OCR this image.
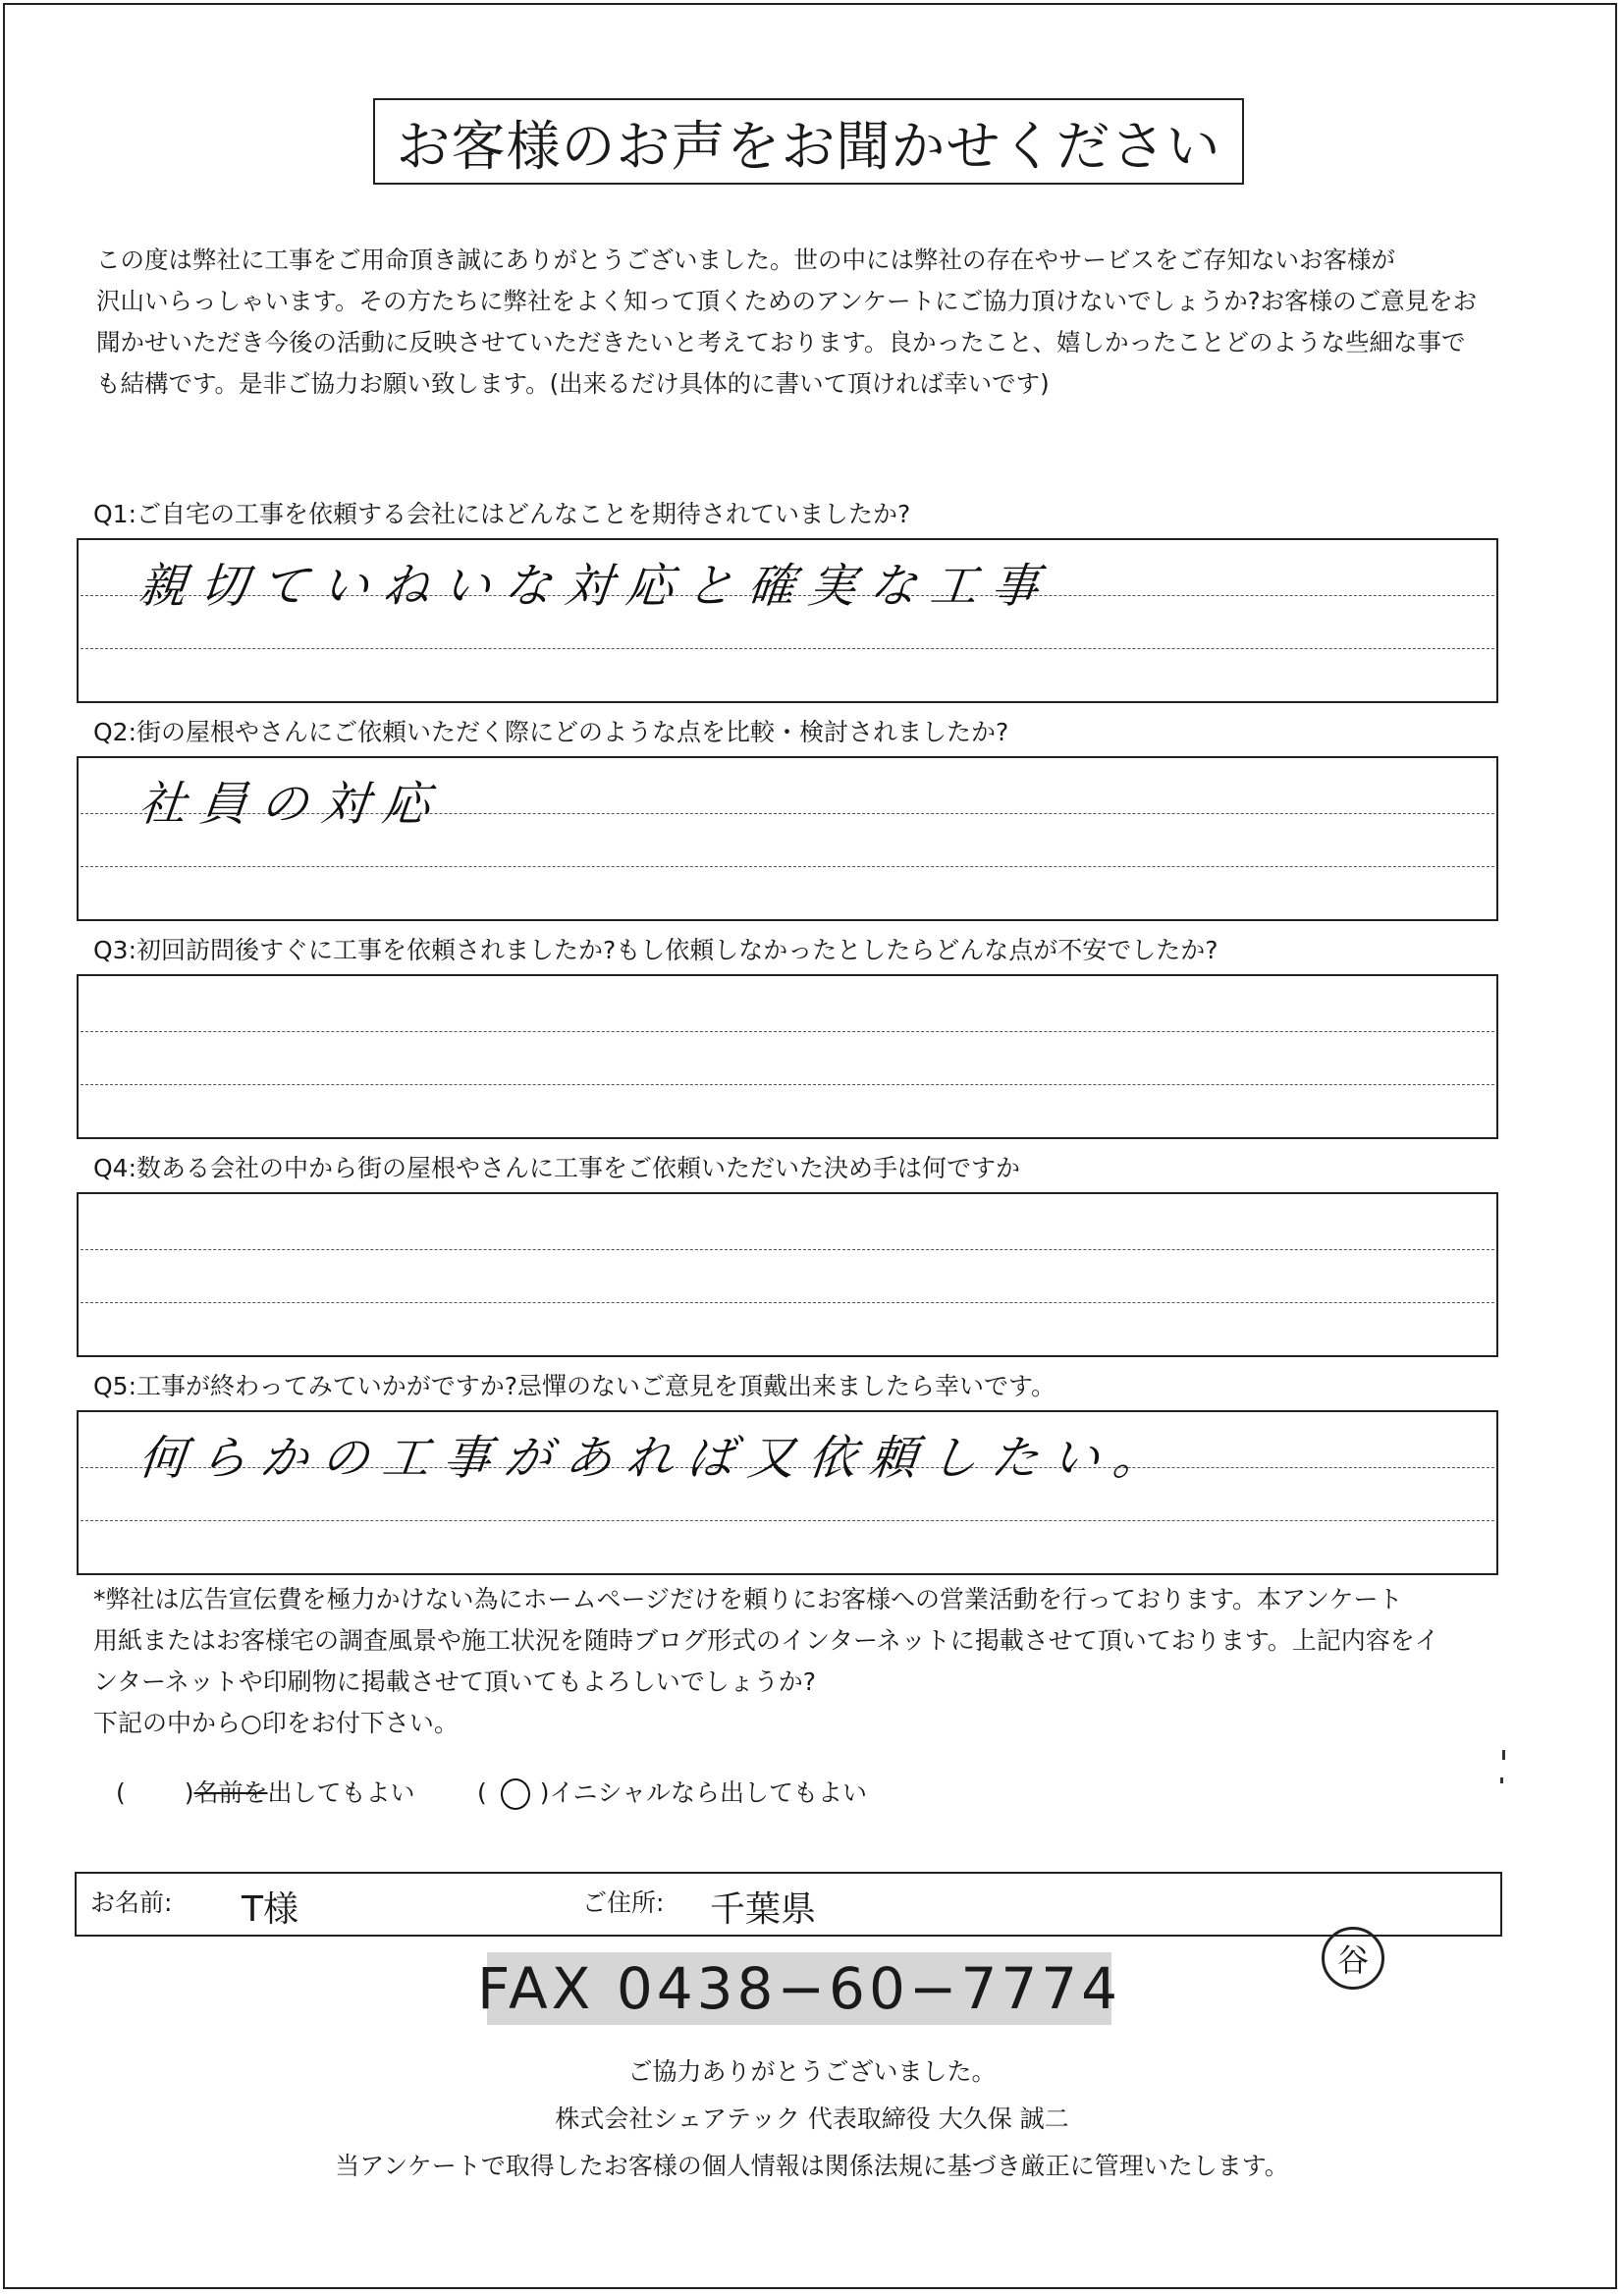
お客様のお声をお聞かせください
この度は弊社に工事をご用命頂き誠にありがとうございました。世の中には弊社の存在やサービスをご存知ないお客様が
沢山いらっしゃいます。その方たちに弊社をよく知って頂くためのアンケートにご協力頂けないでしょうか?お客様のご意見をお
聞かせいただき今後の活動に反映させていただきたいと考えております。良かったこと、嬉しかったことどのような些細な事で
も結構です。是非ご協力お願い致します。(出来るだけ具体的に書いて頂ければ幸いです)
Q1:ご自宅の工事を依頼する会社にはどんなことを期待されていましたか?
親切ていねいな対応と確実な工事
Q2:街の屋根やさんにご依頼いただく際にどのような点を比較・検討されましたか?
社員の対応
Q3:初回訪問後すぐに工事を依頼されましたか?もし依頼しなかったとしたらどんな点が不安でしたか?
Q4:数ある会社の中から街の屋根やさんに工事をご依頼いただいた決め手は何ですか
Q5:工事が終わってみていかがですか?忌憚のないご意見を頂戴出来ましたら幸いです。
何らかの工事があれば又依頼したい。
*弊社は広告宣伝費を極力かけない為にホームページだけを頼りにお客様への営業活動を行っております。本アンケート
用紙またはお客様宅の調査風景や施工状況を随時ブログ形式のインターネットに掲載させて頂いております。上記内容をイ
ンターネットや印刷物に掲載させて頂いてもよろしいでしょうか?
下記の中から○印をお付下さい。
( )名前を出してもよい	( )イニシャルなら出してもよい
お名前: T様	ご住所: 千葉県
FAX 0438−60−7774	谷
ご協力ありがとうございました。
株式会社シェアテック 代表取締役 大久保 誠二
当アンケートで取得したお客様の個人情報は関係法規に基づき厳正に管理いたします。
